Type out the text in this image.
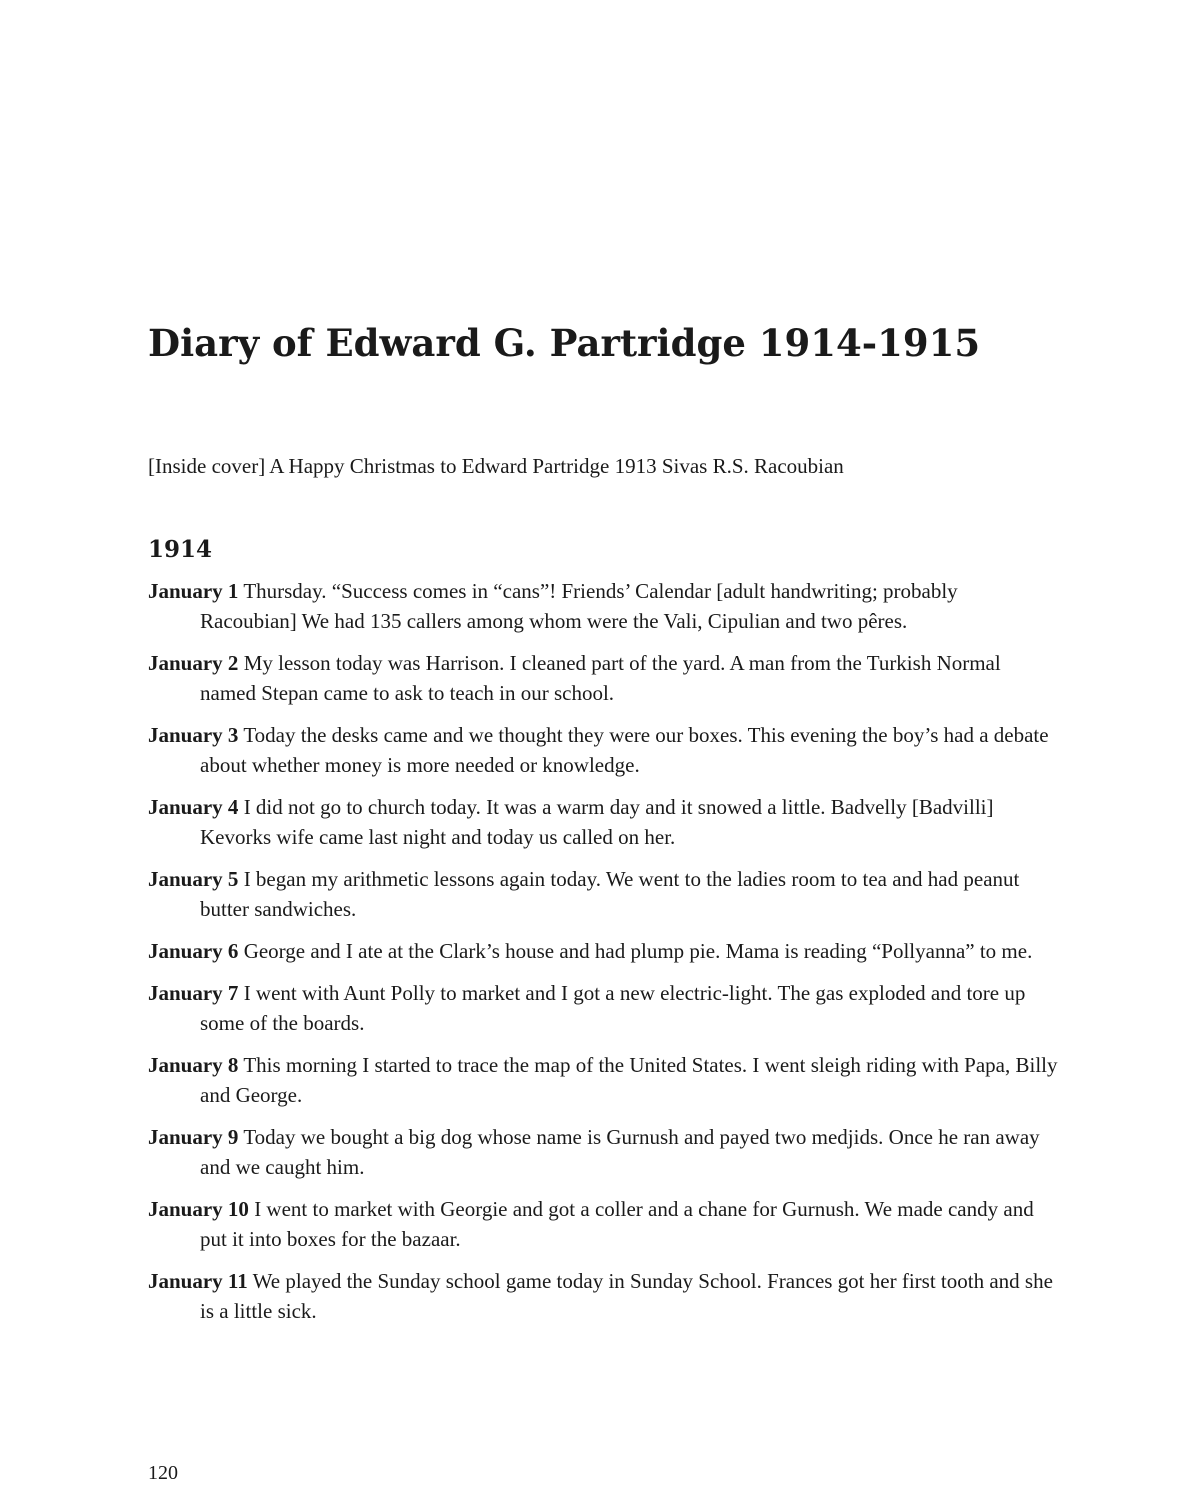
Diary of Edward G. Partridge 1914-1915

[Inside cover] A Happy Christmas to Edward Partridge 1913 Sivas R.S. Racoubian

1914
January 1 Thursday. “Success comes in “cans”! Friends’ Calendar [adult handwriting; probably Racoubian] We had 135 callers among whom were the Vali, Cipulian and two pêres.
January 2 My lesson today was Harrison. I cleaned part of the yard. A man from the Turkish Normal named Stepan came to ask to teach in our school.
January 3 Today the desks came and we thought they were our boxes. This evening the boy’s had a debate about whether money is more needed or knowledge.
January 4 I did not go to church today. It was a warm day and it snowed a little. Badvelly [Badvilli] Kevorks wife came last night and today us called on her.
January 5 I began my arithmetic lessons again today. We went to the ladies room to tea and had peanut butter sandwiches.
January 6 George and I ate at the Clark’s house and had plump pie. Mama is reading “Pollyanna” to me.
January 7 I went with Aunt Polly to market and I got a new electric-light. The gas exploded and tore up some of the boards.
January 8 This morning I started to trace the map of the United States. I went sleigh riding with Papa, Billy and George.
January 9 Today we bought a big dog whose name is Gurnush and payed two medjids. Once he ran away and we caught him.
January 10 I went to market with Georgie and got a coller and a chane for Gurnush. We made candy and put it into boxes for the bazaar.
January 11 We played the Sunday school game today in Sunday School. Frances got her first tooth and she is a little sick.

120
